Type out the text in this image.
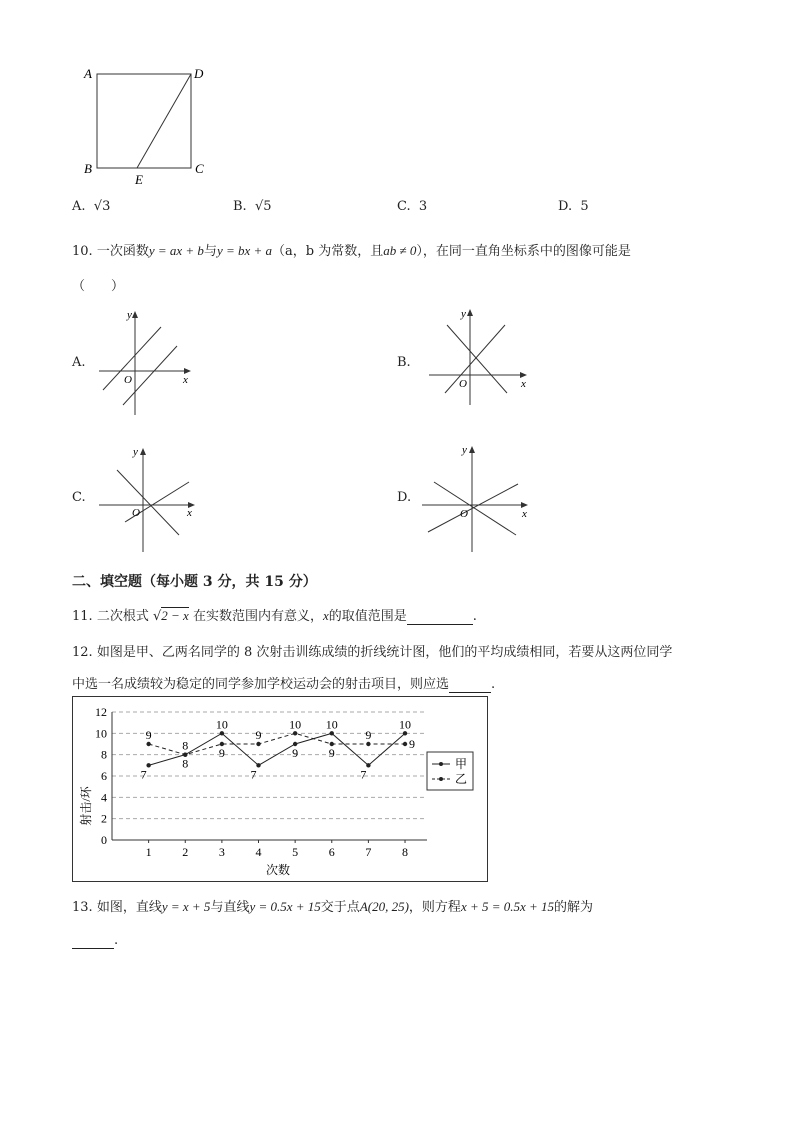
A	D
B	C
E
A. √3	B. √5	C. 3	D. 5
10. 一次函数y = ax + b与y = bx + a（a，b 为常数，且ab ≠ 0），在同一直角坐标系中的图像可能是
（　　）
A.
y
x
O
B.
y
x
O
C.
y
x
O
D.
y
x
O
二、填空题（每小题 3 分，共 15 分）
11. 二次根式 √2 − x 在实数范围内有意义，x的取值范围是	.
12. 如图是甲、乙两名同学的 8 次射击训练成绩的折线统计图，他们的平均成绩相同，若要从这两位同学
中选一名成绩较为稳定的同学参加学校运动会的射击项目，则应选	.
0
2
4
6
8
10
12
1	2	3	4	5	6	7	8
7
8
10
7
9
10
7
10
9
8
9
9
10
9
9
9
射击/环
次数
甲
乙
13. 如图，直线y = x + 5与直线y = 0.5x + 15交于点A(20, 25)，则方程x + 5 = 0.5x + 15的解为
.
